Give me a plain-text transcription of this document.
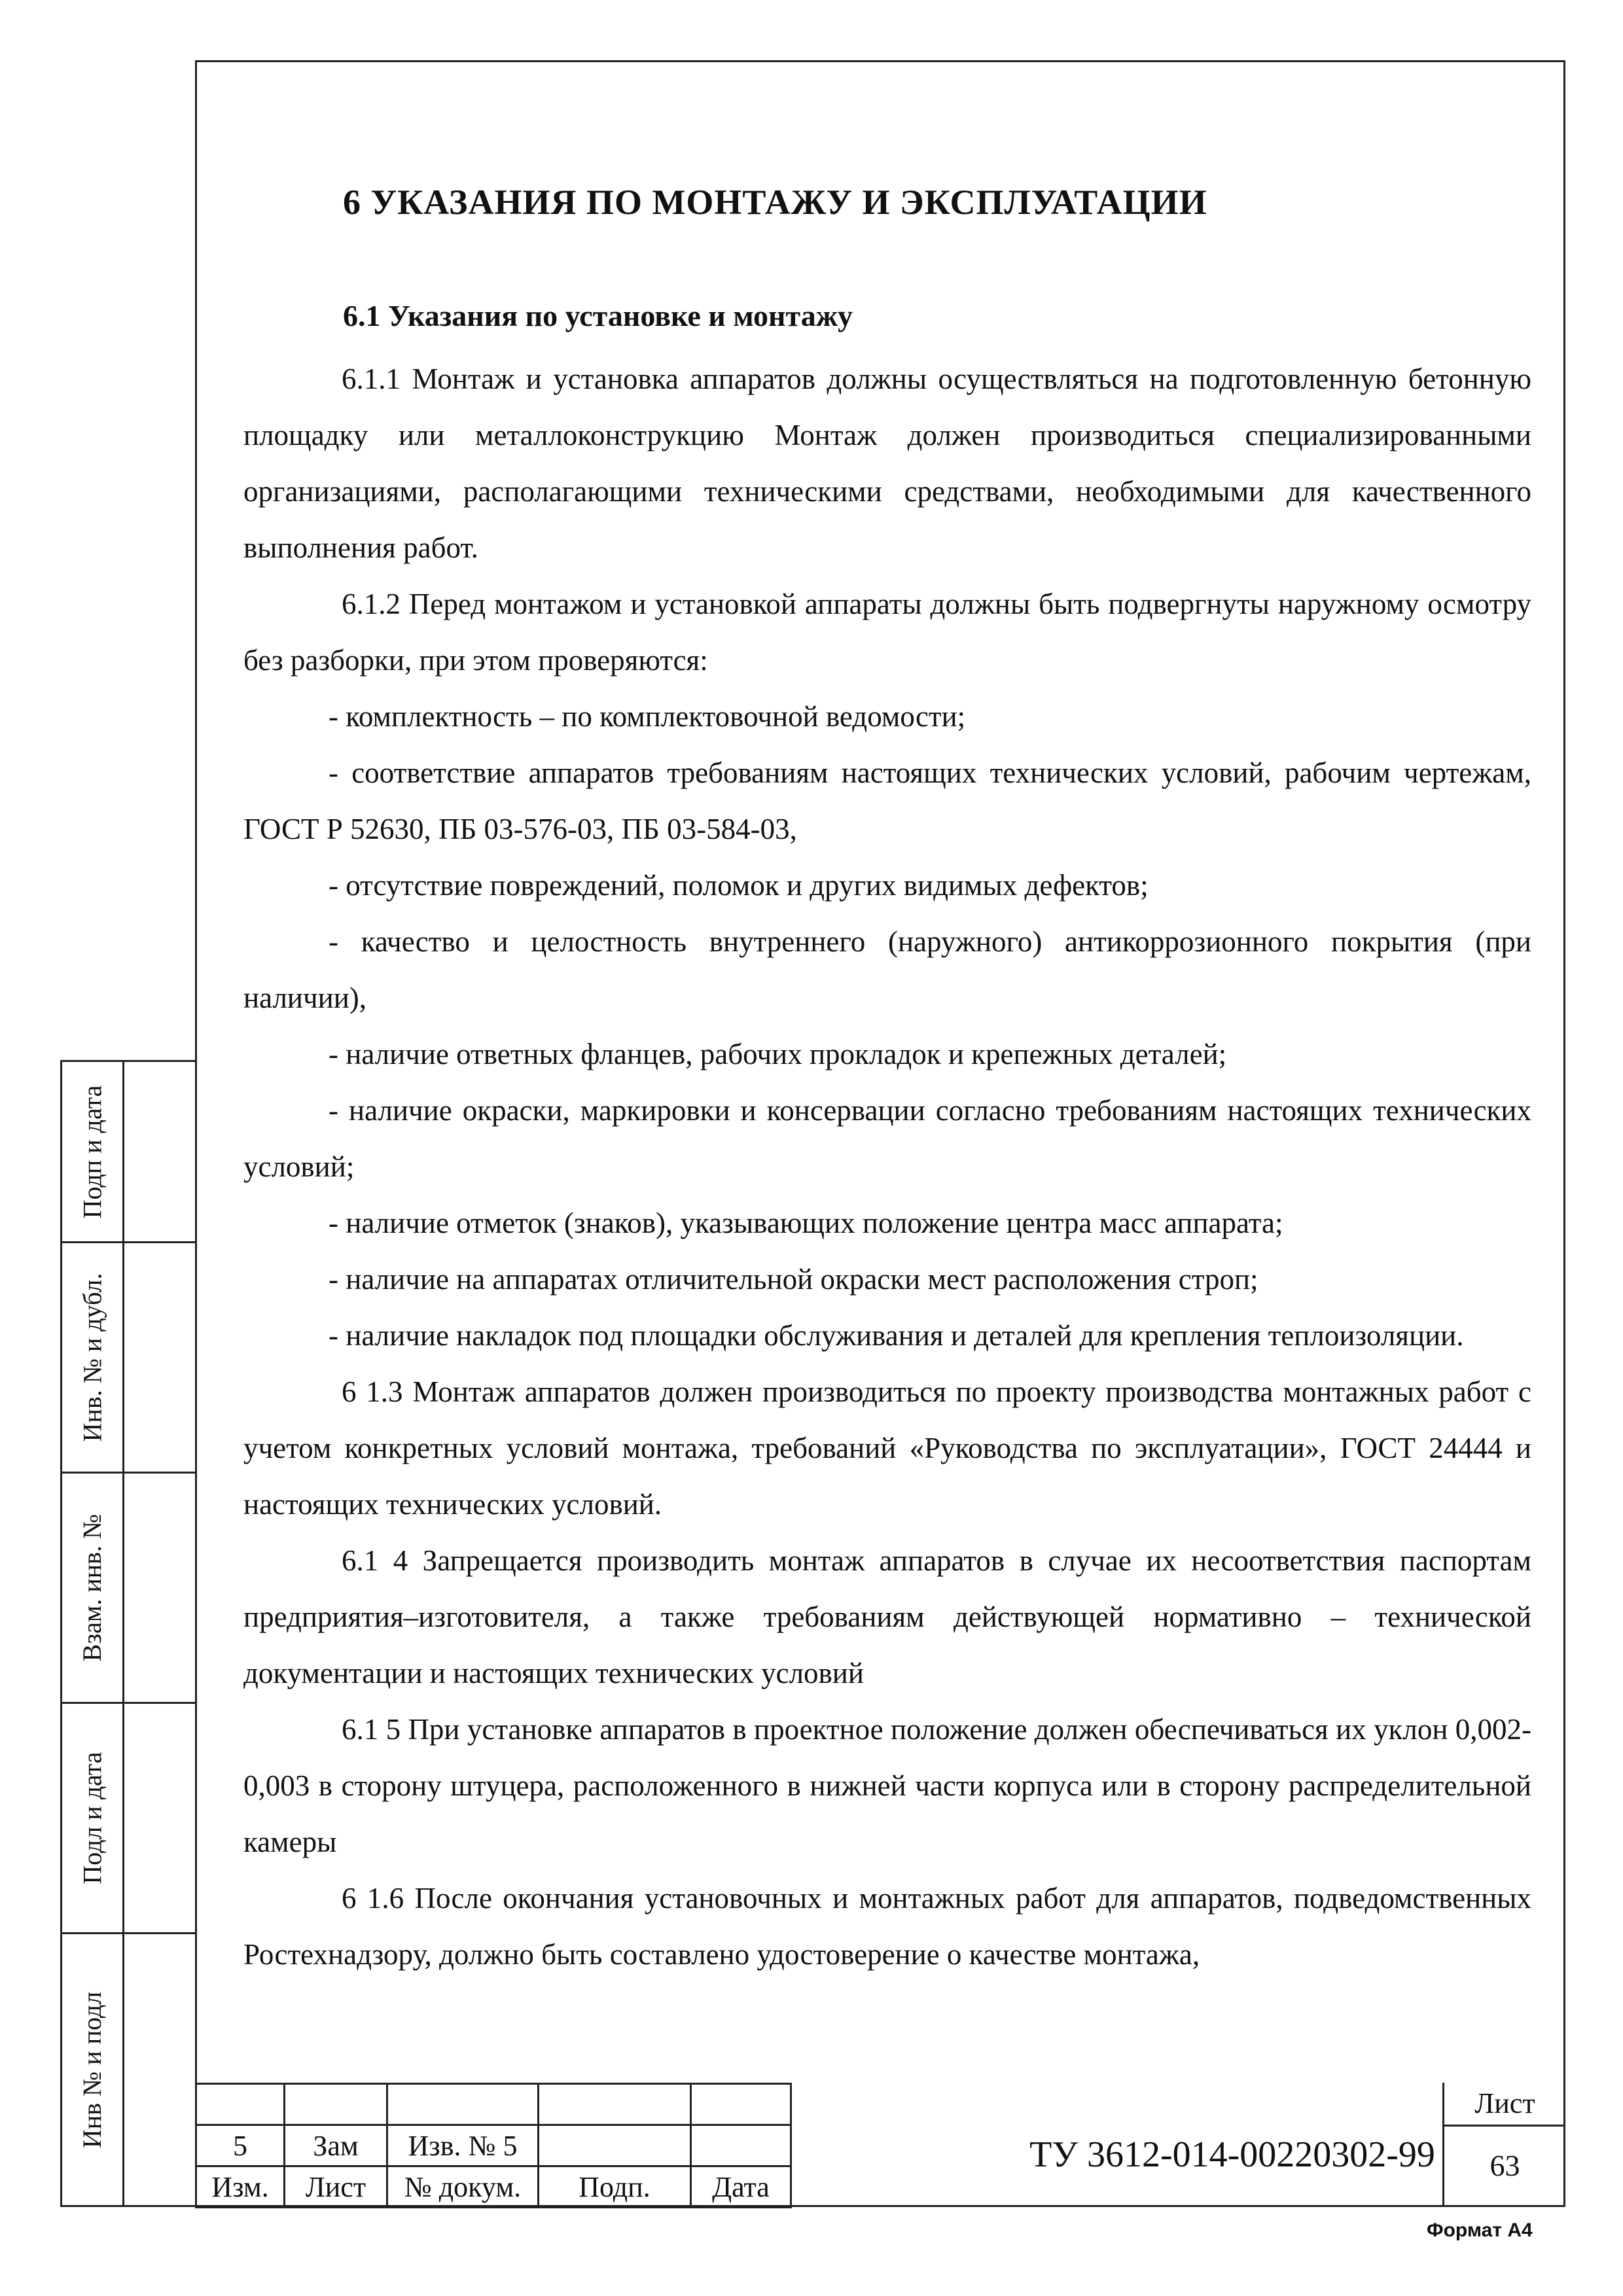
Подп и дата
Инв. № и дубл.
Взам. инв. №
Подл и дата
Инв № и подл
6 УКАЗАНИЯ ПО МОНТАЖУ И ЭКСПЛУАТАЦИИ
6.1 Указания по установке и монтажу

6.1.1 Монтаж и установка аппаратов должны осуществляться на подготовленную бетонную площадку или металлоконструкцию Монтаж должен производиться специализированными организациями, располагающими техническими средствами, необходимыми для качественного выполнения работ.

6.1.2 Перед монтажом и установкой аппараты должны быть подвергнуты наружному осмотру без разборки, при этом проверяются:

- комплектность – по комплектовочной ведомости;

- соответствие аппаратов требованиям настоящих технических условий, рабочим чертежам, ГОСТ Р 52630, ПБ 03-576-03, ПБ 03-584-03,

- отсутствие повреждений, поломок и других видимых дефектов;

- качество и целостность внутреннего (наружного) антикоррозионного покрытия (при наличии),

- наличие ответных фланцев, рабочих прокладок и крепежных деталей;

- наличие окраски, маркировки и консервации согласно требованиям настоящих технических условий;

- наличие отметок (знаков), указывающих положение центра масс аппарата;

- наличие на аппаратах отличительной окраски мест расположения строп;

- наличие накладок под площадки обслуживания и деталей для крепления теплоизоляции.

6 1.3 Монтаж аппаратов должен производиться по проекту производства монтажных работ с учетом конкретных условий монтажа, требований «Руководства по эксплуатации», ГОСТ 24444 и настоящих технических условий.

6.1 4 Запрещается производить монтаж аппаратов в случае их несоответствия паспортам предприятия–изготовителя, а также требованиям действующей нормативно – технической документации и настоящих технических условий

6.1 5 При установке аппаратов в проектное положение должен обеспечиваться их уклон 0,002-0,003 в сторону штуцера, расположенного в нижней части корпуса или в сторону распределительной камеры

6 1.6 После окончания установочных и монтажных работ для аппаратов, подведомственных Ростехнадзору, должно быть составлено удостоверение о качестве монтажа,

5	Зам	Изв. № 5		
Изм.	Лист	№ докум.	Подп.	Дата
ТУ 3612-014-00220302-99
Лист
63
Формат А4
